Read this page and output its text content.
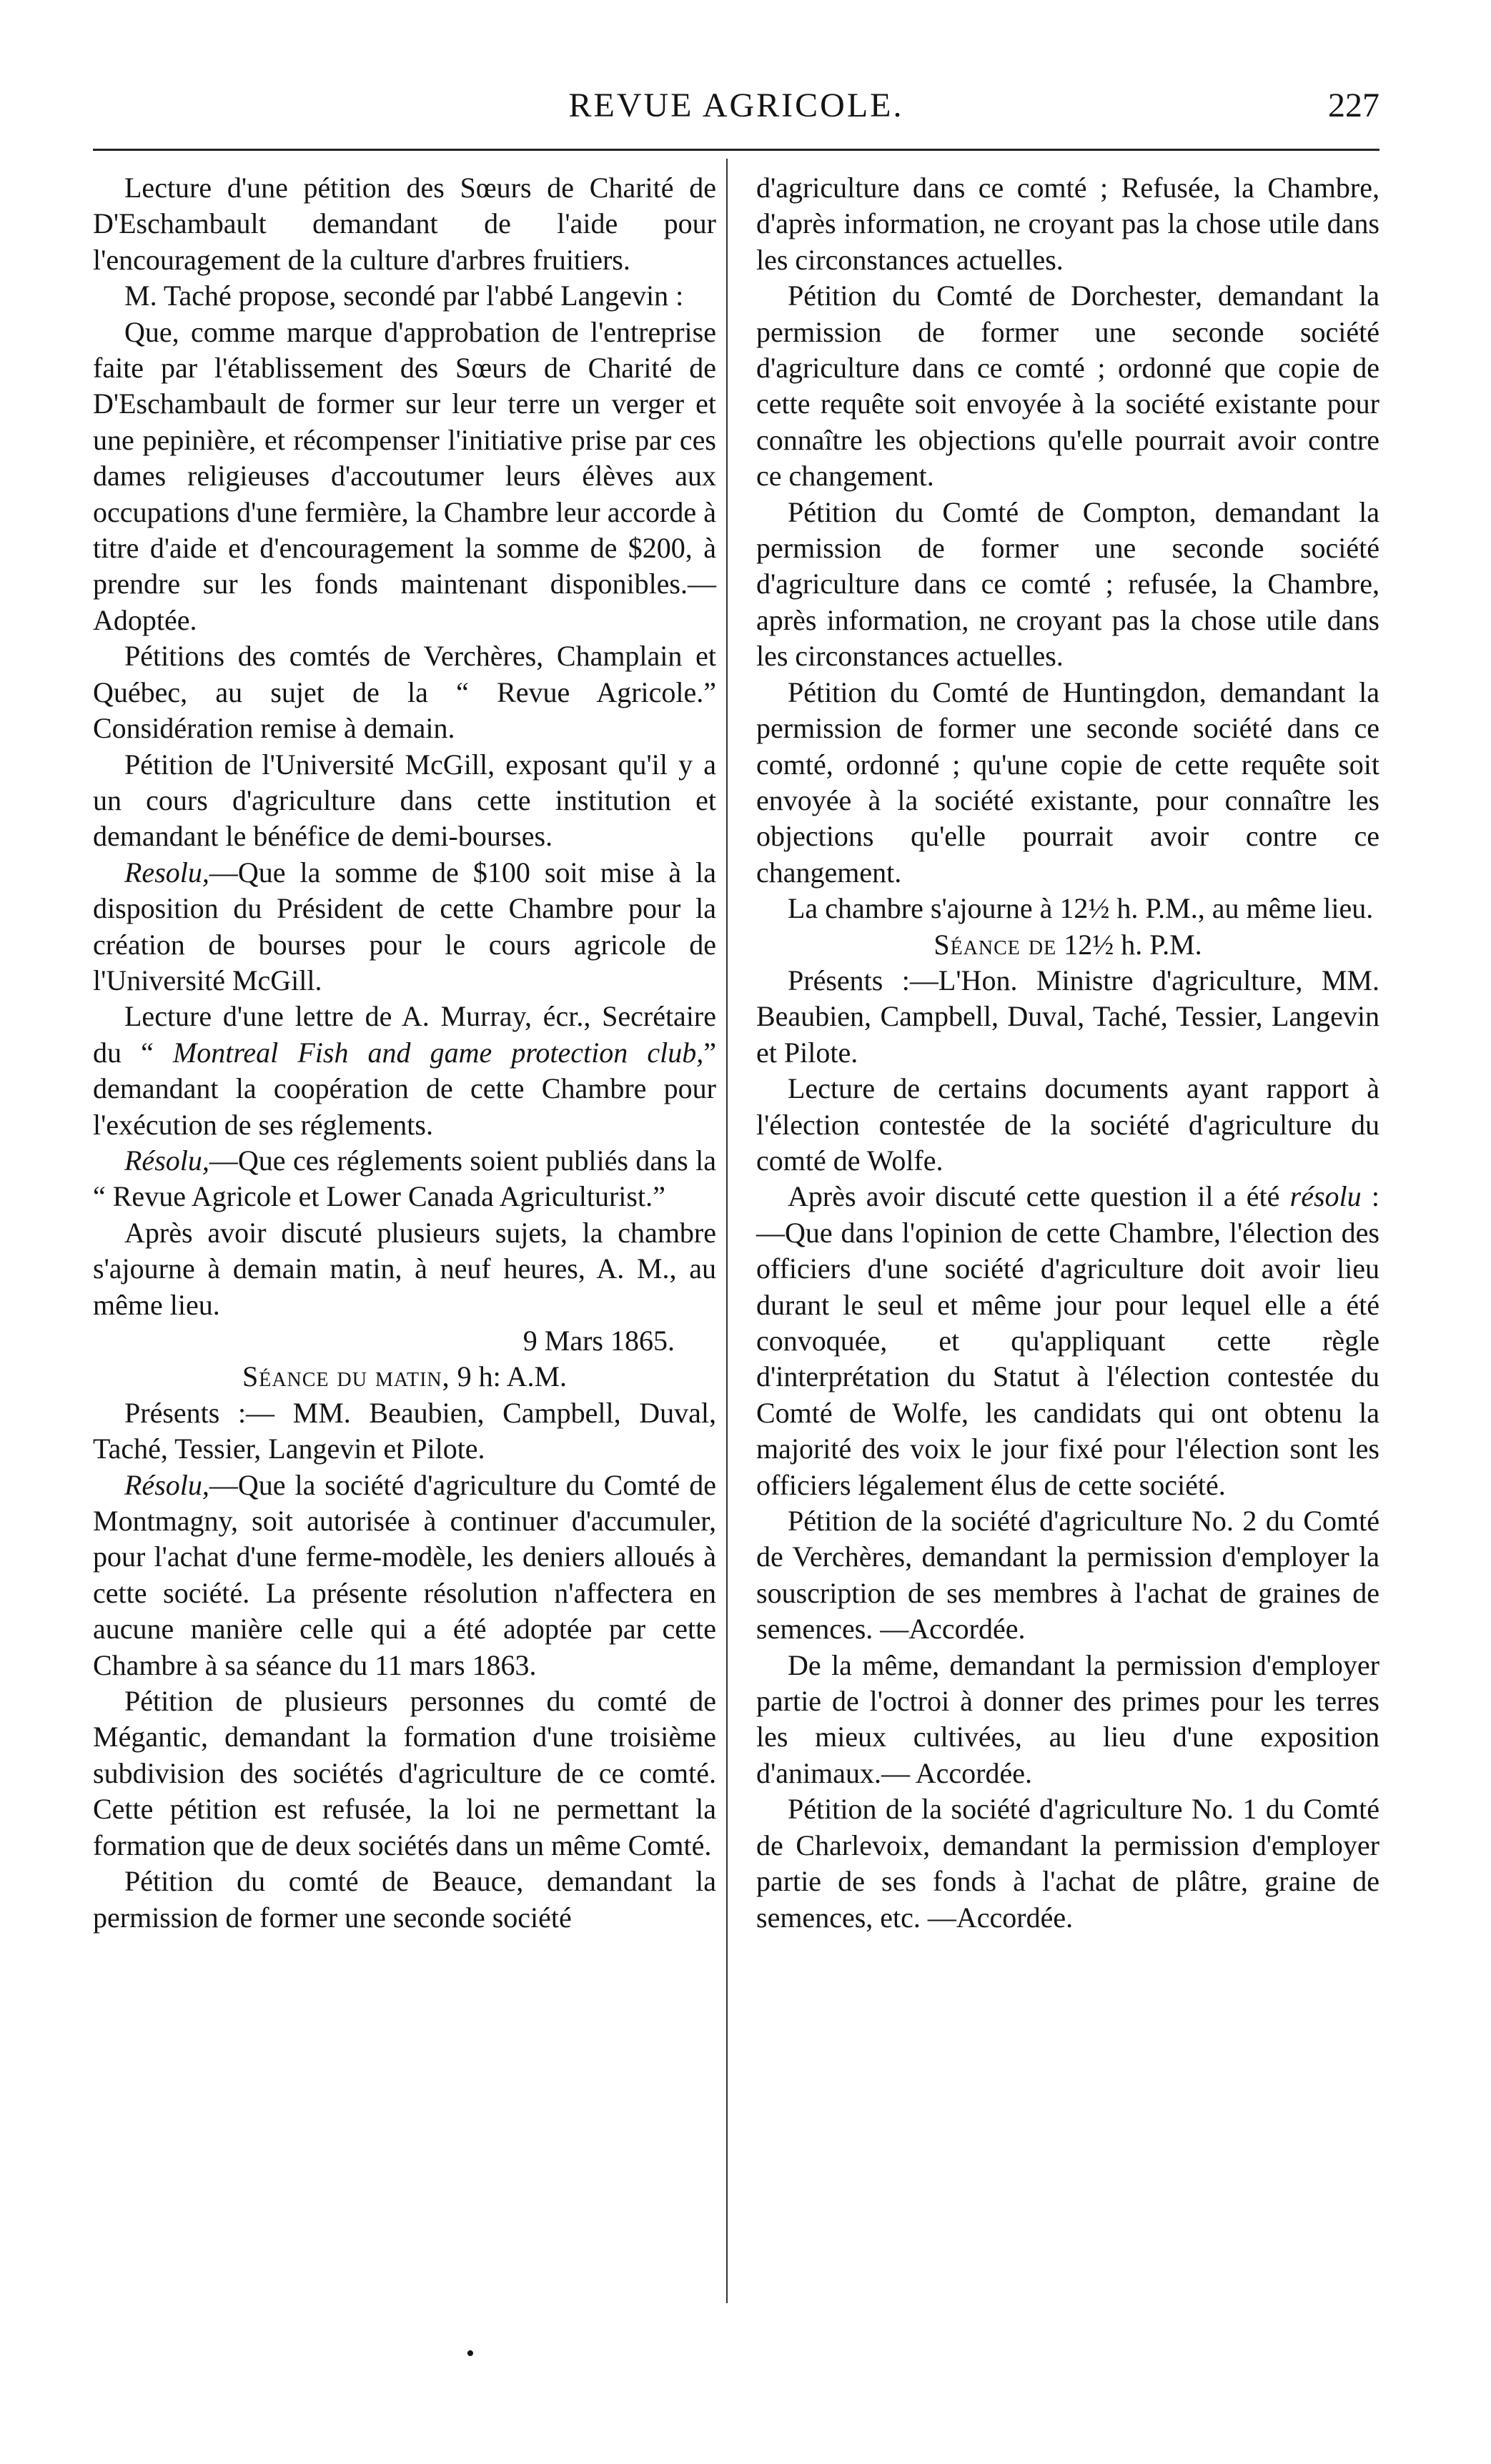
REVUE AGRICOLE.	227

Lecture d'une pétition des Sœurs de Charité de D'Eschambault demandant de l'aide pour l'encouragement de la culture d'arbres fruitiers.

M. Taché propose, secondé par l'abbé Langevin :

Que, comme marque d'approbation de l'entreprise faite par l'établissement des Sœurs de Charité de D'Eschambault de former sur leur terre un verger et une pepinière, et récompenser l'initiative prise par ces dames religieuses d'accoutumer leurs élèves aux occupations d'une fermière, la Chambre leur accorde à titre d'aide et d'encouragement la somme de $200, à prendre sur les fonds maintenant disponibles.— Adoptée.

Pétitions des comtés de Verchères, Champlain et Québec, au sujet de la “ Revue Agricole.” Considération remise à demain.

Pétition de l'Université McGill, exposant qu'il y a un cours d'agriculture dans cette institution et demandant le bénéfice de demi-bourses.

Resolu,—Que la somme de $100 soit mise à la disposition du Président de cette Chambre pour la création de bourses pour le cours agricole de l'Université McGill.

Lecture d'une lettre de A. Murray, écr., Secrétaire du “ Montreal Fish and game protection club,” demandant la coopération de cette Chambre pour l'exécution de ses réglements.

Résolu,—Que ces réglements soient publiés dans la “ Revue Agricole et Lower Canada Agriculturist.”

Après avoir discuté plusieurs sujets, la chambre s'ajourne à demain matin, à neuf heures, A. M., au même lieu.

9 Mars 1865.

Séance du matin, 9 h: A.M.

Présents :— MM. Beaubien, Campbell, Duval, Taché, Tessier, Langevin et Pilote.

Résolu,—Que la société d'agriculture du Comté de Montmagny, soit autorisée à continuer d'accumuler, pour l'achat d'une ferme-modèle, les deniers alloués à cette société. La présente résolution n'affectera en aucune manière celle qui a été adoptée par cette Chambre à sa séance du 11 mars 1863.

Pétition de plusieurs personnes du comté de Mégantic, demandant la formation d'une troisième subdivision des sociétés d'agriculture de ce comté. Cette pétition est refusée, la loi ne permettant la formation que de deux sociétés dans un même Comté.

Pétition du comté de Beauce, demandant la permission de former une seconde société

d'agriculture dans ce comté ; Refusée, la Chambre, d'après information, ne croyant pas la chose utile dans les circonstances actuelles.

Pétition du Comté de Dorchester, demandant la permission de former une seconde société d'agriculture dans ce comté ; ordonné que copie de cette requête soit envoyée à la société existante pour connaître les objections qu'elle pourrait avoir contre ce changement.

Pétition du Comté de Compton, demandant la permission de former une seconde société d'agriculture dans ce comté ; refusée, la Chambre, après information, ne croyant pas la chose utile dans les circonstances actuelles.

Pétition du Comté de Huntingdon, demandant la permission de former une seconde société dans ce comté, ordonné ; qu'une copie de cette requête soit envoyée à la société existante, pour connaître les objections qu'elle pourrait avoir contre ce changement.

La chambre s'ajourne à 12½ h. P.M., au même lieu.

Séance de 12½ h. P.M.

Présents :—L'Hon. Ministre d'agriculture, MM. Beaubien, Campbell, Duval, Taché, Tessier, Langevin et Pilote.

Lecture de certains documents ayant rapport à l'élection contestée de la société d'agriculture du comté de Wolfe.

Après avoir discuté cette question il a été résolu :—Que dans l'opinion de cette Chambre, l'élection des officiers d'une société d'agriculture doit avoir lieu durant le seul et même jour pour lequel elle a été convoquée, et qu'appliquant cette règle d'interprétation du Statut à l'élection contestée du Comté de Wolfe, les candidats qui ont obtenu la majorité des voix le jour fixé pour l'élection sont les officiers légalement élus de cette société.

Pétition de la société d'agriculture No. 2 du Comté de Verchères, demandant la permission d'employer la souscription de ses membres à l'achat de graines de semences. —Accordée.

De la même, demandant la permission d'employer partie de l'octroi à donner des primes pour les terres les mieux cultivées, au lieu d'une exposition d'animaux.— Accordée.

Pétition de la société d'agriculture No. 1 du Comté de Charlevoix, demandant la permission d'employer partie de ses fonds à l'achat de plâtre, graine de semences, etc. —Accordée.

•
